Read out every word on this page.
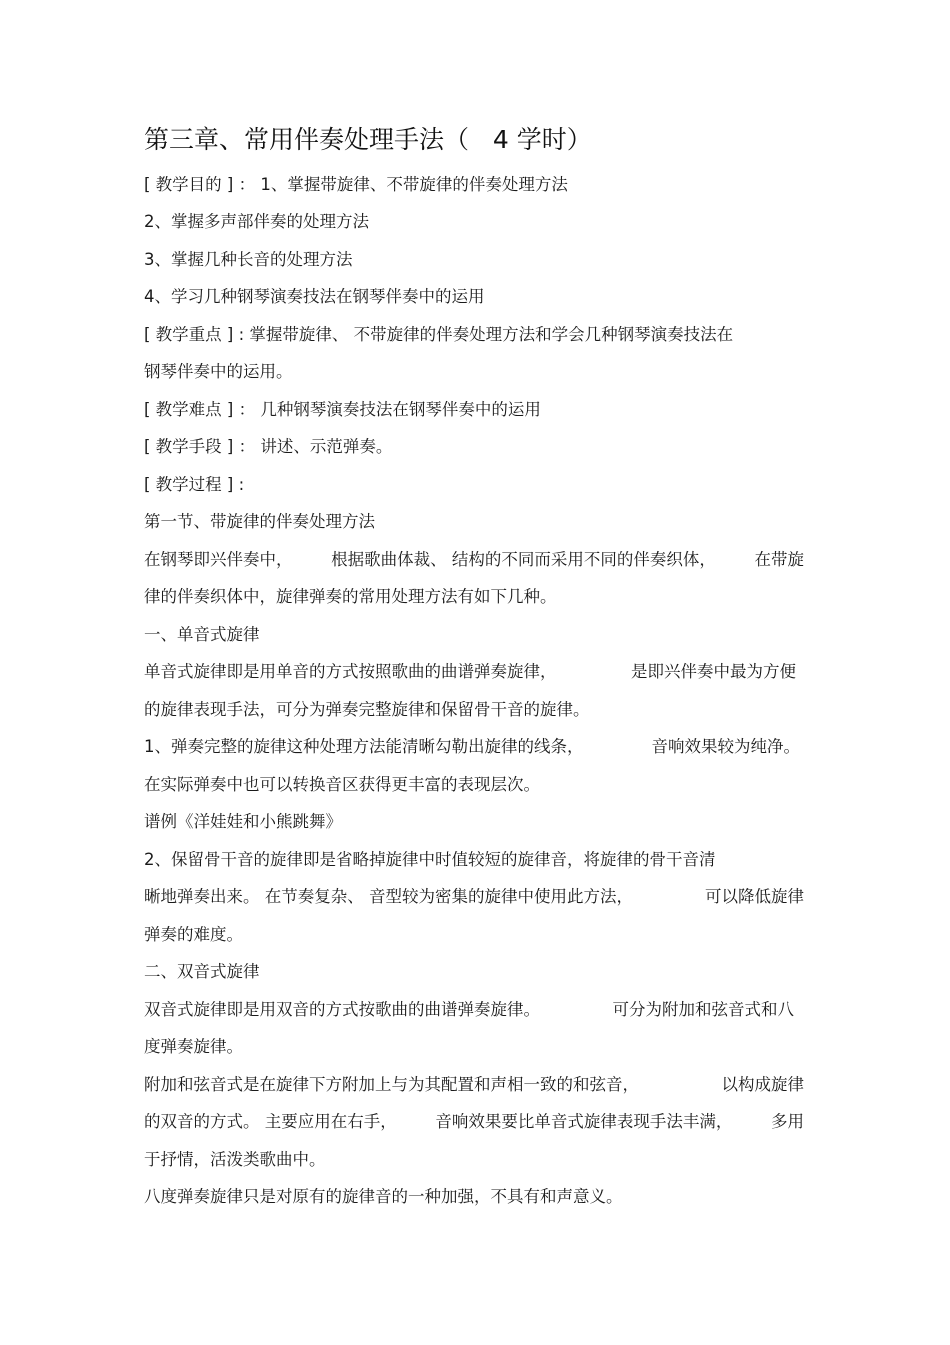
第三章、常用伴奏处理手法（   4 学时）
[ 教学目的 ] ： 1、掌握带旋律、不带旋律的伴奏处理方法
2、掌握多声部伴奏的处理方法
3、掌握几种长音的处理方法
4、学习几种钢琴演奏技法在钢琴伴奏中的运用
[ 教学重点 ] : 掌握带旋律、 不带旋律的伴奏处理方法和学会几种钢琴演奏技法在
钢琴伴奏中的运用。
[ 教学难点 ] ： 几种钢琴演奏技法在钢琴伴奏中的运用
[ 教学手段 ] ： 讲述、示范弹奏。
[ 教学过程 ] :
第一节、带旋律的伴奏处理方法
在钢琴即兴伴奏中， 根据歌曲体裁、 结构的不同而采用不同的伴奏织体， 在带旋
律的伴奏织体中，旋律弹奏的常用处理方法有如下几种。
一、单音式旋律
单音式旋律即是用单音的方式按照歌曲的曲谱弹奏旋律，	是即兴伴奏中最为方便
的旋律表现手法，可分为弹奏完整旋律和保留骨干音的旋律。
1、弹奏完整的旋律这种处理方法能清晰勾勒出旋律的线条，	音响效果较为纯净。
在实际弹奏中也可以转换音区获得更丰富的表现层次。
谱例《洋娃娃和小熊跳舞》
2、保留骨干音的旋律即是省略掉旋律中时值较短的旋律音，将旋律的骨干音清
晰地弹奏出来。 在节奏复杂、 音型较为密集的旋律中使用此方法，	可以降低旋律
弹奏的难度。
二、双音式旋律
双音式旋律即是用双音的方式按歌曲的曲谱弹奏旋律。	可分为附加和弦音式和八
度弹奏旋律。
附加和弦音式是在旋律下方附加上与为其配置和声相一致的和弦音，	以构成旋律
的双音的方式。 主要应用在右手， 音响效果要比单音式旋律表现手法丰满， 多用
于抒情，活泼类歌曲中。
八度弹奏旋律只是对原有的旋律音的一种加强，不具有和声意义。
